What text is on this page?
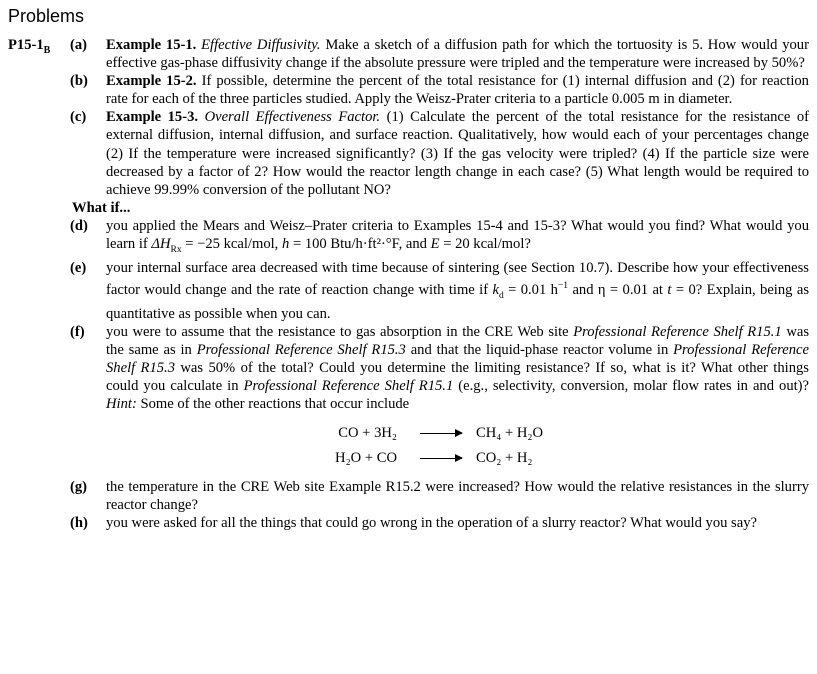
Problems
$P15-1_B$ (a) Example 15-1. Effective Diffusivity. Make a sketch of a diffusion path for which the tortuosity is 5. How would your effective gas-phase diffusivity change if the absolute pressure were tripled and the temperature were increased by 50%?
(b) Example 15-2. If possible, determine the percent of the total resistance for (1) internal diffusion and (2) for reaction rate for each of the three particles studied. Apply the Weisz-Prater criteria to a particle 0.005 m in diameter.
(c) Example 15-3. Overall Effectiveness Factor. (1) Calculate the percent of the total resistance for the resistance of external diffusion, internal diffusion, and surface reaction. Qualitatively, how would each of your percentages change (2) If the temperature were increased significantly? (3) If the gas velocity were tripled? (4) If the particle size were decreased by a factor of 2? How would the reactor length change in each case? (5) What length would be required to achieve 99.99% conversion of the pollutant NO?
What if...
(d) you applied the Mears and Weisz–Prater criteria to Examples 15-4 and 15-3? What would you find? What would you learn if $\Delta H_{Rx} = -25$ kcal/mol, h = 100 Btu/h·ft²·°F, and E = 20 kcal/mol?
(e) your internal surface area decreased with time because of sintering (see Section 10.7). Describe how your effectiveness factor would change and the rate of reaction change with time if $k_d = 0.01$ $h^{-1}$ and η = 0.01 at t = 0? Explain, being as quantitative as possible when you can.
(f) you were to assume that the resistance to gas absorption in the CRE Web site Professional Reference Shelf R15.1 was the same as in Professional Reference Shelf R15.3 and that the liquid-phase reactor volume in Professional Reference Shelf R15.3 was 50% of the total? Could you determine the limiting resistance? If so, what is it? What other things could you calculate in Professional Reference Shelf R15.1 (e.g., selectivity, conversion, molar flow rates in and out)? Hint: Some of the other reactions that occur include
CO + 3H₂ → CH₄ + H₂O
H₂O + CO → CO₂ + H₂
(g) the temperature in the CRE Web site Example R15.2 were increased? How would the relative resistances in the slurry reactor change?
(h) you were asked for all the things that could go wrong in the operation of a slurry reactor? What would you say?
